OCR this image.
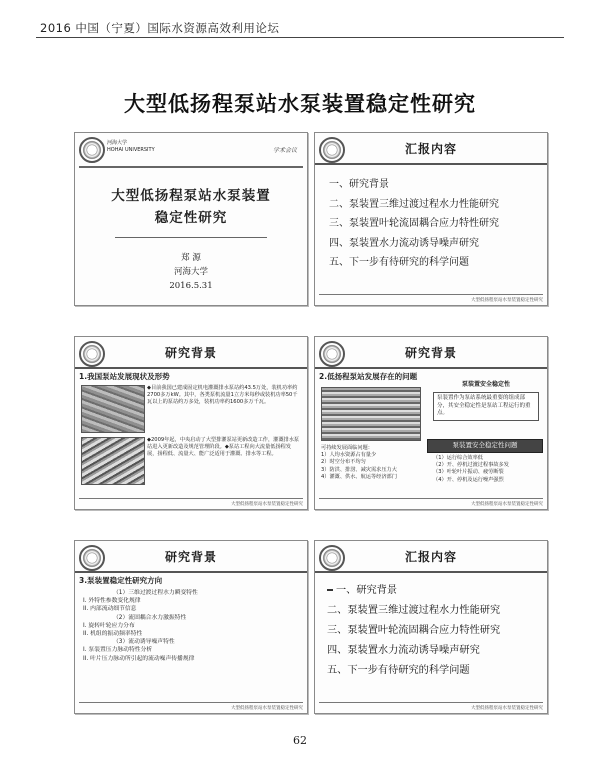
2016 中国（宁夏）国际水资源高效利用论坛
大型低扬程泵站水泵装置稳定性研究
河海大学
HOHAI UNIVERSITY	学术会议
大型低扬程泵站水泵装置
稳定性研究
郑 源
河海大学
2016.5.31
汇报内容
一、研究背景
二、泵装置三维过渡过程水力性能研究
三、泵装置叶轮流固耦合应力特性研究
四、泵装置水力流动诱导噪声研究
五、下一步有待研究的科学问题
大型低扬程泵站水泵装置稳定性研究
研究背景
1.我国泵站发展现状及形势
◆目前我国已建成固定机电灌溉排水泵站约43.5万处，装机功率约2700多万kW。其中，各类泵机流量1立方米每秒或装机功率50千瓦以上的泵站约万多处，装机功率约1600多万千瓦。
◆2009年起，中央启动了大型排灌泵站更新改造工作，灌溉排水泵站进入更新改造及规范管理阶段。◆泵站工程向大流量低扬程发展，扬程低、流量大、能广泛适用于灌溉、排水等工程。
大型低扬程泵站水泵装置稳定性研究
研究背景
2.低扬程泵站发展存在的问题
泵装置安全稳定性
泵装置作为泵站系统最重要的组成部分，其安全稳定性是泵站工程运行的重点。
泵装置安全稳定性问题
可持续发展面临问题：
1）人均水资源占有量少
2）时空分布不均匀
3）防洪、排涝、减灾需求压力大
4）灌溉、供水、航运等经济部门
（1）运行综合效率低
（2）开、停机过渡过程事故多发
（3）叶轮叶片振动、疲劳断裂
（4）开、停机及运行噪声强烈
大型低扬程泵站水泵装置稳定性研究
研究背景
3.泵装置稳定性研究方向
（1）三维过渡过程水力瞬变特性
I. 外特性参数变化规律
II. 内部流动细节信息
（2）流固耦合水力激振特性
I. 旋转叶轮应力分布
II. 机组的振动频率特性
（3）流动诱导噪声特性
I. 泵装置压力脉动特性分析
II. 叶片压力脉动所引起的流动噪声传播规律
大型低扬程泵站水泵装置稳定性研究
汇报内容
一、研究背景
二、泵装置三维过渡过程水力性能研究
三、泵装置叶轮流固耦合应力特性研究
四、泵装置水力流动诱导噪声研究
五、下一步有待研究的科学问题
大型低扬程泵站水泵装置稳定性研究
62
